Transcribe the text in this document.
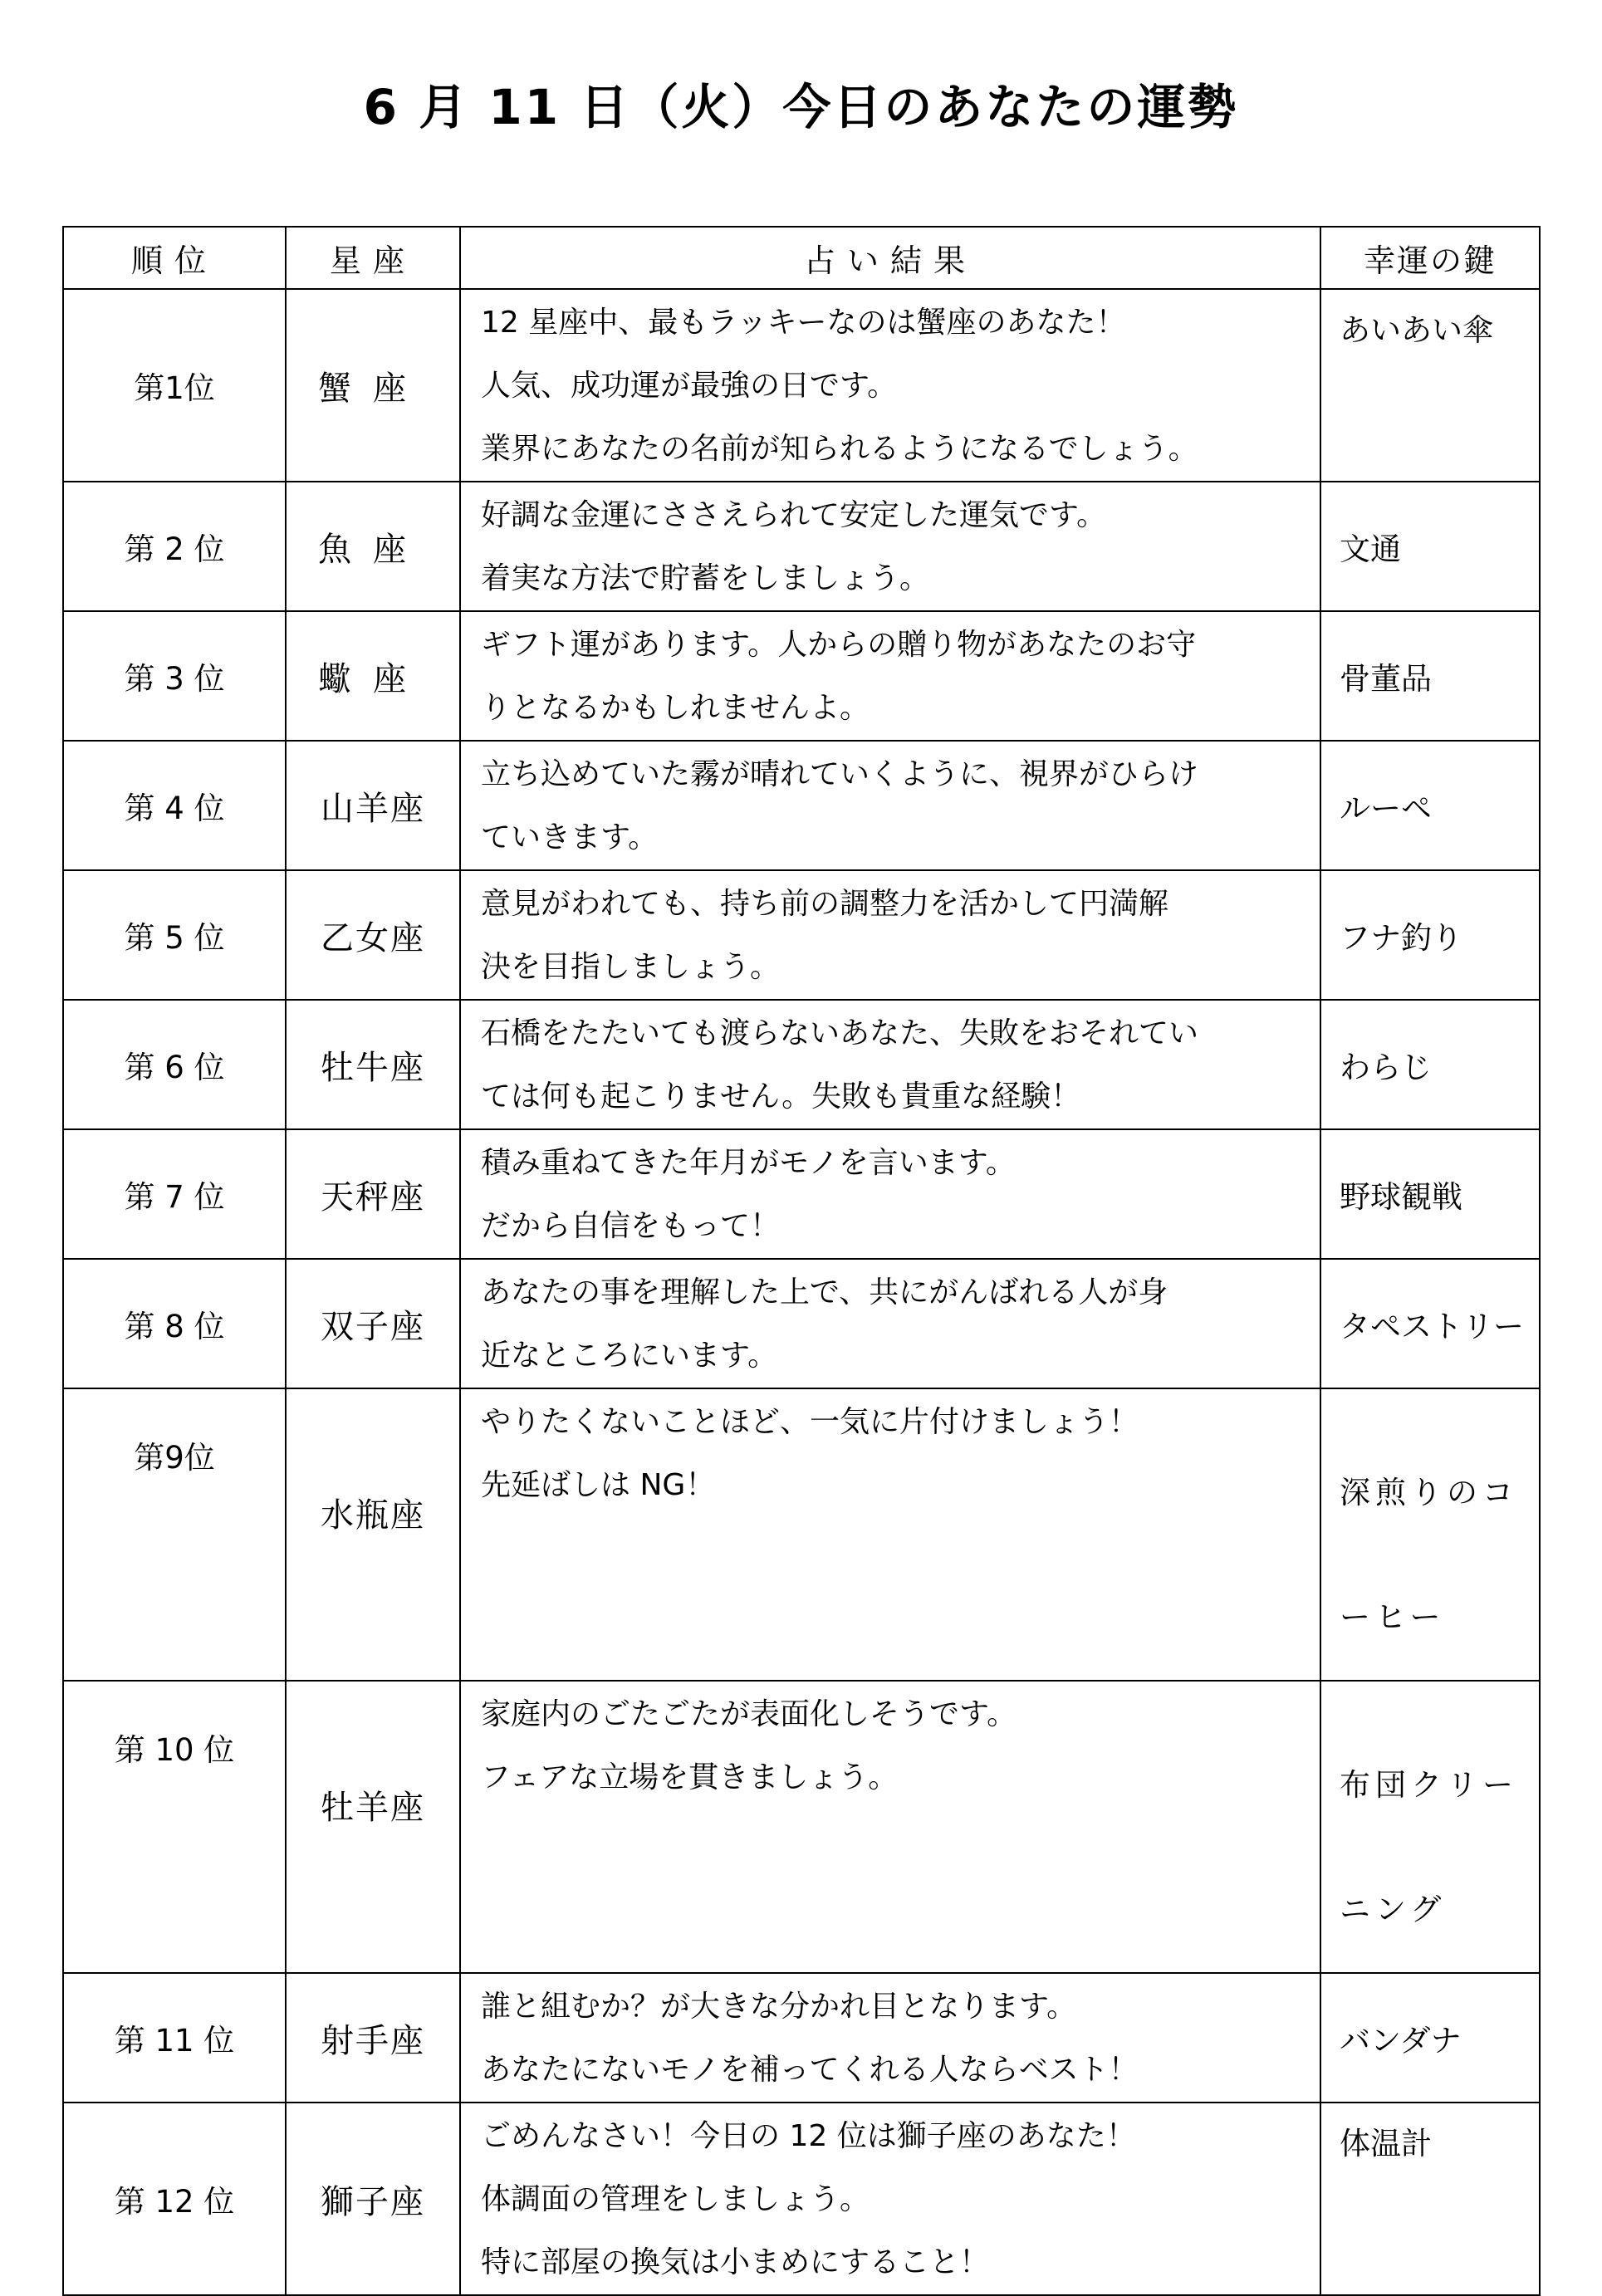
6 月 11 日（火）今日のあなたの運勢
順位	星座	占い結果	幸運の鍵
第1位	蟹座	12 星座中、最もラッキーなのは蟹座のあなた！
人気、成功運が最強の日です。
業界にあなたの名前が知られるようになるでしょう。	あいあい傘
第 2 位	魚座	好調な金運にささえられて安定した運気です。
着実な方法で貯蓄をしましょう。	文通
第 3 位	蠍座	ギフト運があります。人からの贈り物があなたのお守
りとなるかもしれませんよ。	骨董品
第 4 位	山羊座	立ち込めていた霧が晴れていくように、視界がひらけ
ていきます。	ルーペ
第 5 位	乙女座	意見がわれても、持ち前の調整力を活かして円満解
決を目指しましょう。	フナ釣り
第 6 位	牡牛座	石橋をたたいても渡らないあなた、失敗をおそれてい
ては何も起こりません。失敗も貴重な経験！	わらじ
第 7 位	天秤座	積み重ねてきた年月がモノを言います。
だから自信をもって！	野球観戦
第 8 位	双子座	あなたの事を理解した上で、共にがんばれる人が身
近なところにいます。	タペストリー
第9位	水瓶座	やりたくないことほど、一気に片付けましょう！
先延ばしは NG！	深煎りのコーヒー

第 10 位	牡羊座	家庭内のごたごたが表面化しそうです。
フェアな立場を貫きましょう。	布団クリーニング

第 11 位	射手座	誰と組むか？が大きな分かれ目となります。
あなたにないモノを補ってくれる人ならベスト！	バンダナ
第 12 位	獅子座	ごめんなさい！今日の 12 位は獅子座のあなた！
体調面の管理をしましょう。
特に部屋の換気は小まめにすること！	体温計
